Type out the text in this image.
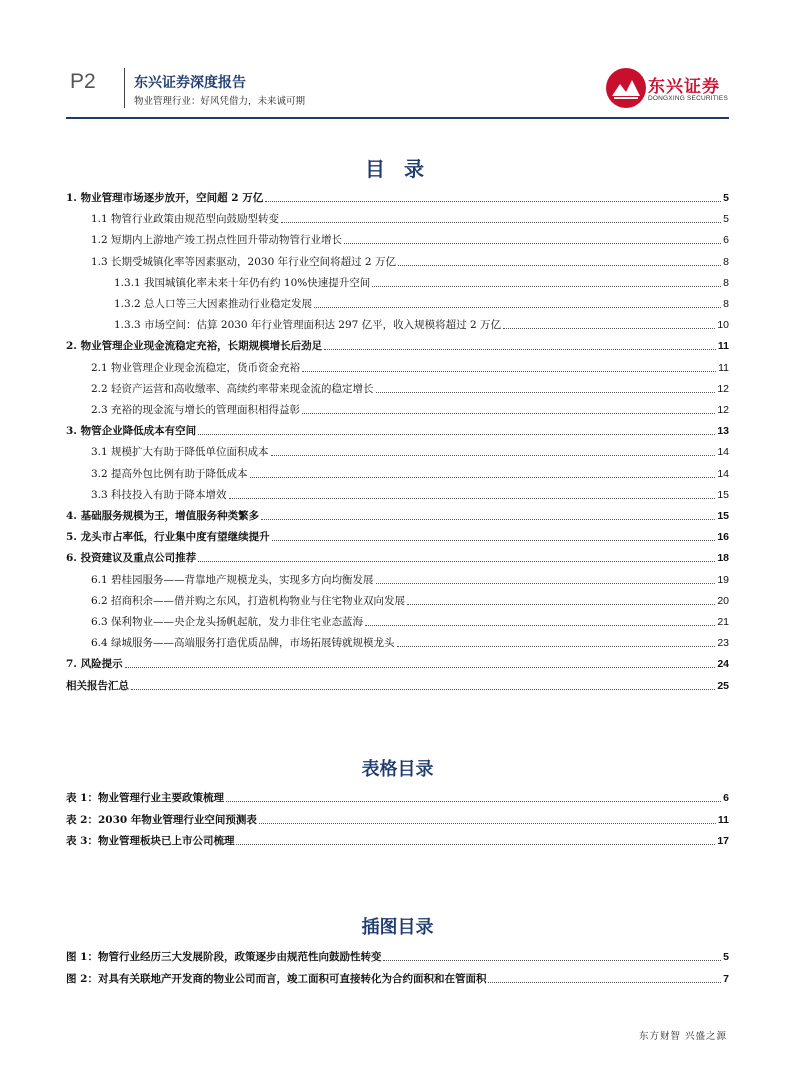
P2	东兴证券深度报告
物业管理行业：好风凭借力，未来诚可期
东兴证券
DONGXING SECURITIES
目 录
1. 物业管理市场逐步放开，空间超 2 万亿	5
1.1 物管行业政策由规范型向鼓励型转变	5
1.2 短期内上游地产竣工拐点性回升带动物管行业增长	6
1.3 长期受城镇化率等因素驱动，2030 年行业空间将超过 2 万亿	8
1.3.1 我国城镇化率未来十年仍有约 10%快速提升空间	8
1.3.2 总人口等三大因素推动行业稳定发展	8
1.3.3 市场空间：估算 2030 年行业管理面积达 297 亿平，收入规模将超过 2 万亿	10
2. 物业管理企业现金流稳定充裕，长期规模增长后劲足	11
2.1 物业管理企业现金流稳定，货币资金充裕	11
2.2 轻资产运营和高收缴率、高续约率带来现金流的稳定增长	12
2.3 充裕的现金流与增长的管理面积相得益彰	12
3. 物管企业降低成本有空间	13
3.1 规模扩大有助于降低单位面积成本	14
3.2 提高外包比例有助于降低成本	14
3.3 科技投入有助于降本增效	15
4. 基础服务规模为王，增值服务种类繁多	15
5. 龙头市占率低，行业集中度有望继续提升	16
6. 投资建议及重点公司推荐	18
6.1 碧桂园服务——背靠地产规模龙头，实现多方向均衡发展	19
6.2 招商积余——借并购之东风，打造机构物业与住宅物业双向发展	20
6.3 保利物业——央企龙头扬帆起航，发力非住宅业态蓝海	21
6.4 绿城服务——高端服务打造优质品牌，市场拓展铸就规模龙头	23
7. 风险提示	24
相关报告汇总	25
表格目录
表 1：物业管理行业主要政策梳理	6
表 2：2030 年物业管理行业空间预测表	11
表 3：物业管理板块已上市公司梳理	17
插图目录
图 1：物管行业经历三大发展阶段，政策逐步由规范性向鼓励性转变	5
图 2：对具有关联地产开发商的物业公司而言，竣工面积可直接转化为合约面积和在管面积	7
东方财智 兴盛之源
